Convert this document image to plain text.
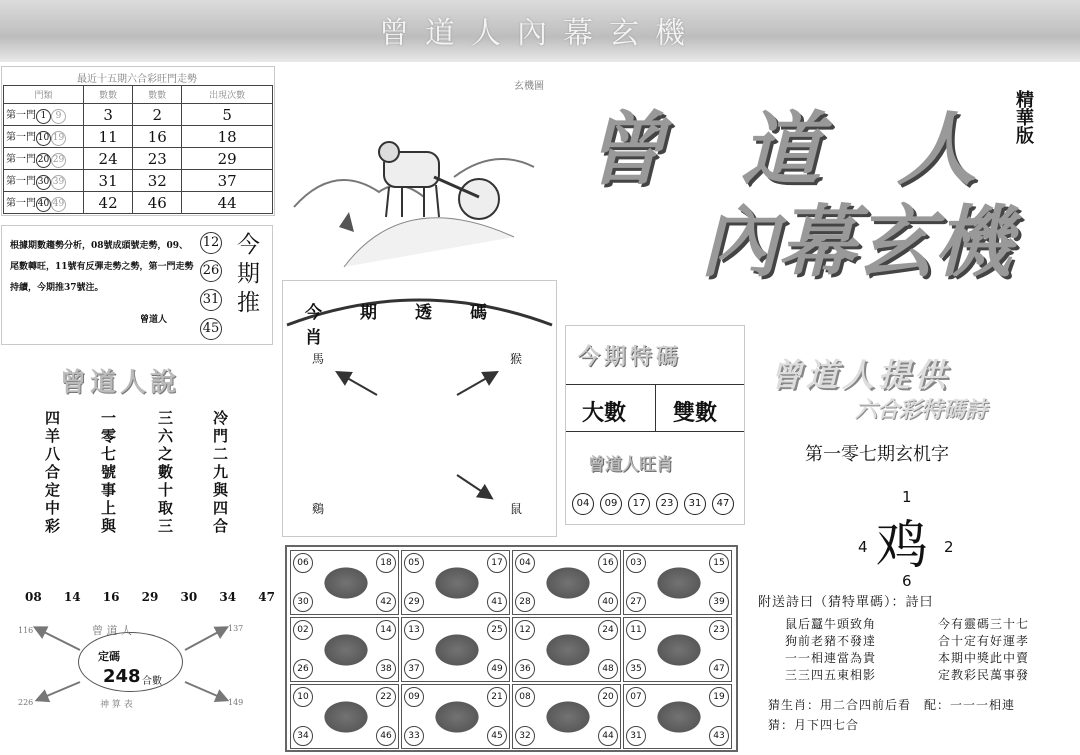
曾道人內幕玄機
最近十五期六合彩旺門走勢
門類	數數	數數	出現次數
第一門 1 9	3	2	5
第一門 10 19	11	16	18
第一門 20 29	24	23	29
第一門 30 39	31	32	37
第一門 40 49	42	46	44
根據期數趨勢分析，08號成頭號走勢，09、尾數轉旺，11號有反彈走勢之勢，第一門走勢持續，今期推37號注。
曾道人
12
26
31
45
今期推
玄機圖
曾 道 人 精華版
內幕玄機
曾道人說
四羊八合定中彩	一零七號事上與	三六之數十取三 冷門二九與四合
今期透碼肖
馬	猴
鷄	鼠
今期特碼
大數 雙數
曾道人旺肖
04	09	17	23	31	47
曾道人提供
六合彩特碼詩
第一零七期玄机字
1
4 鸡 2
6
08 14 16 29 30 34 47
曾 道 人
神 算 表
定碼
248 合數
116	137
226	149
06	18
30	42
05	17
29	41
04	16
28	40
03	15
27	39
02	14
26	38
13	25
37	49
12	24
36	48
11	23
35	47
10	22
34	46
09	21
33	45
08	20
32	44
07	19
31	43
附送詩曰（猜特單碼）：詩曰
鼠后蠶牛頭致角
狗前老豬不發達
一一相連當為貴
三三四五東相影
今有靈碼三十七
合十定有好運孝
本期中獎此中賣
定教彩民萬事發
猜生肖：用二合四前后看　配：一一一相連
猜：月下四七合
